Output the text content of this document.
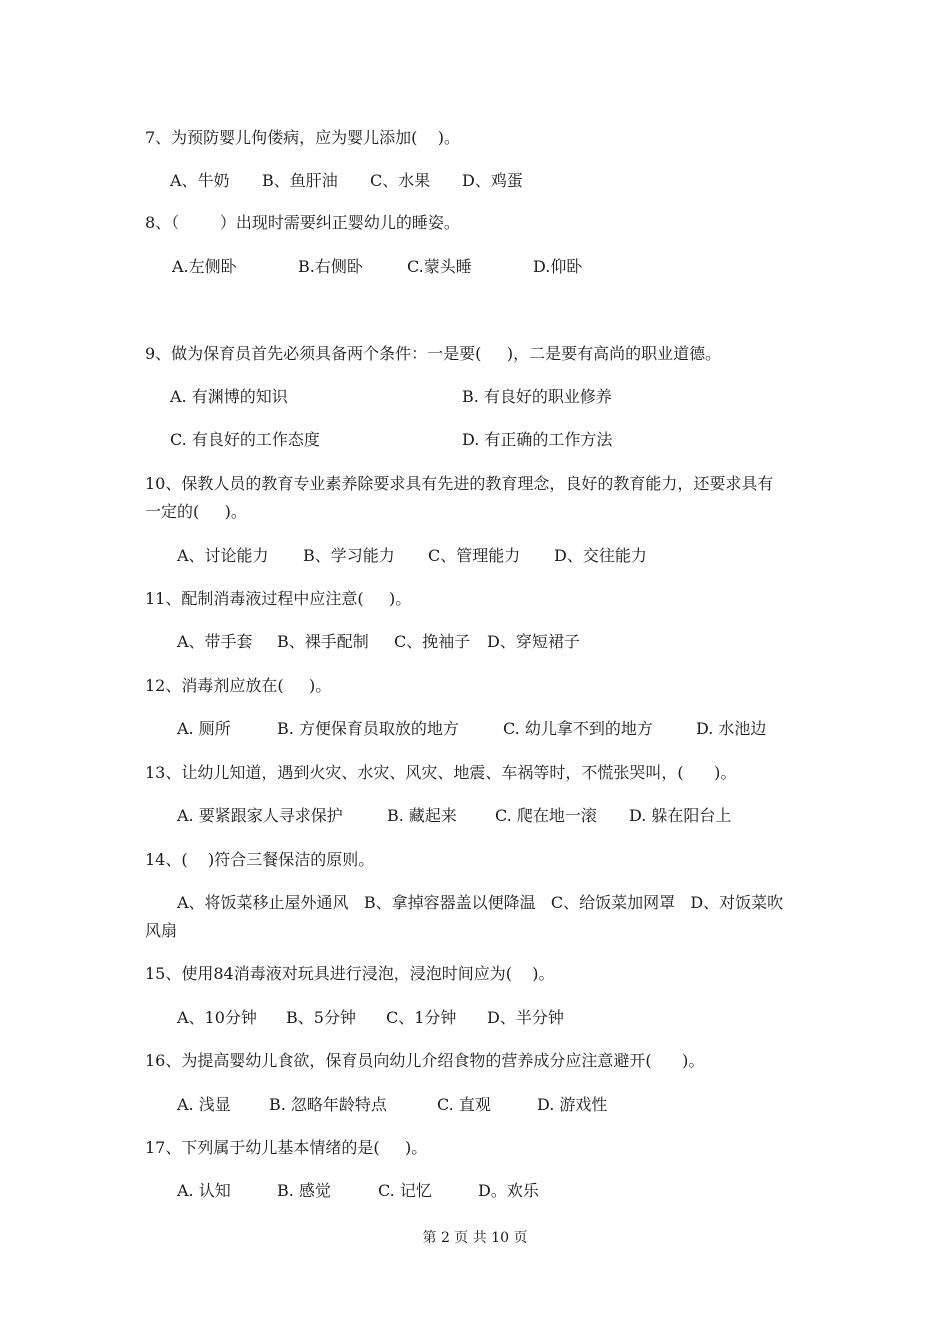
7、为预防婴儿佝偻病，应为婴儿添加(    )。
A、牛奶 B、鱼肝油 C、水果 D、鸡蛋
8、（        ）出现时需要纠正婴幼儿的睡姿。
A.左侧卧	B.右侧卧	C.蒙头睡	D.仰卧
9、做为保育员首先必须具备两个条件：一是要(     )，二是要有高尚的职业道德。
A. 有渊博的知识	B. 有良好的职业修养
C. 有良好的工作态度	D. 有正确的工作方法
10、保教人员的教育专业素养除要求具有先进的教育理念，良好的教育能力，还要求具有
一定的(     )。
A、讨论能力 B、学习能力 C、管理能力 D、交往能力
11、配制消毒液过程中应注意(     )。
A、带手套 B、裸手配制 C、挽袖子 D、穿短裙子
12、消毒剂应放在(     )。
A. 厕所	B. 方便保育员取放的地方	C. 幼儿拿不到的地方	D. 水池边
13、让幼儿知道，遇到火灾、水灾、风灾、地震、车祸等时，不慌张哭叫，(      )。
A. 要紧跟家人寻求保护	B. 藏起来 C. 爬在地一滚 D. 躲在阳台上
14、(    )符合三餐保洁的原则。
A、将饭菜移止屋外通风   B、拿掉容器盖以便降温   C、给饭菜加网罩   D、对饭菜吹
风扇
15、使用84消毒液对玩具进行浸泡，浸泡时间应为(    )。
A、10分钟 B、5分钟 C、1分钟 D、半分钟
16、为提高婴幼儿食欲，保育员向幼儿介绍食物的营养成分应注意避开(      )。
A. 浅显 B. 忽略年龄特点	C. 直观	D. 游戏性
17、下列属于幼儿基本情绪的是(     )。
A. 认知	B. 感觉	C. 记忆	D。欢乐
第 2 页 共 10 页
